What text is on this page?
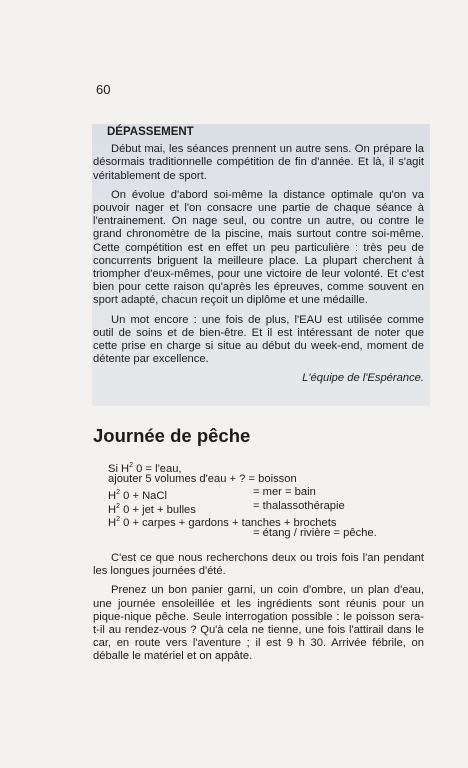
60
DÉPASSEMENT

Début mai, les séances prennent un autre sens. On prépare la désormais traditionnelle compétition de fin d'année. Et là, il s'agit véritablement de sport.

On évolue d'abord soi-même la distance optimale qu'on va pouvoir nager et l'on consacre une partie de chaque séance à l'entrainement. On nage seul, ou contre un autre, ou contre le grand chronomètre de la piscine, mais surtout contre soi-même. Cette compétition est en effet un peu particulière : très peu de concurrents briguent la meilleure place. La plupart cherchent à triompher d'eux-mêmes, pour une victoire de leur volonté. Et c'est bien pour cette raison qu'après les épreuves, comme souvent en sport adapté, chacun reçoit un diplôme et une médaille.

Un mot encore : une fois de plus, l'EAU est utilisée comme outil de soins et de bien-être. Et il est intéressant de noter que cette prise en charge si situe au début du week-end, moment de détente par excellence.

L'équipe de l'Espérance.

Journée de pêche
Si $H^2$ 0 = l'eau,
ajouter 5 volumes d'eau + ? = boisson
$H^2$ 0 + NaCl	= mer = bain
$H^2$ 0 + jet + bulles	= thalassothérapie
$H^2$ 0 + carpes + gardons + tanches + brochets
= étang / rivière = pêche.

C'est ce que nous recherchons deux ou trois fois l'an pendant les longues journées d'été.

Prenez un bon panier garni, un coin d'ombre, un plan d'eau, une journée ensoleillée et les ingrédients sont réunis pour un pique-nique pêche. Seule interrogation possible : le poisson sera-t-il au rendez-vous ? Qu'à cela ne tienne, une fois l'attirail dans le car, en route vers l'aventure ; il est 9 h 30. Arrivée fébrile, on déballe le matériel et on appâte.
